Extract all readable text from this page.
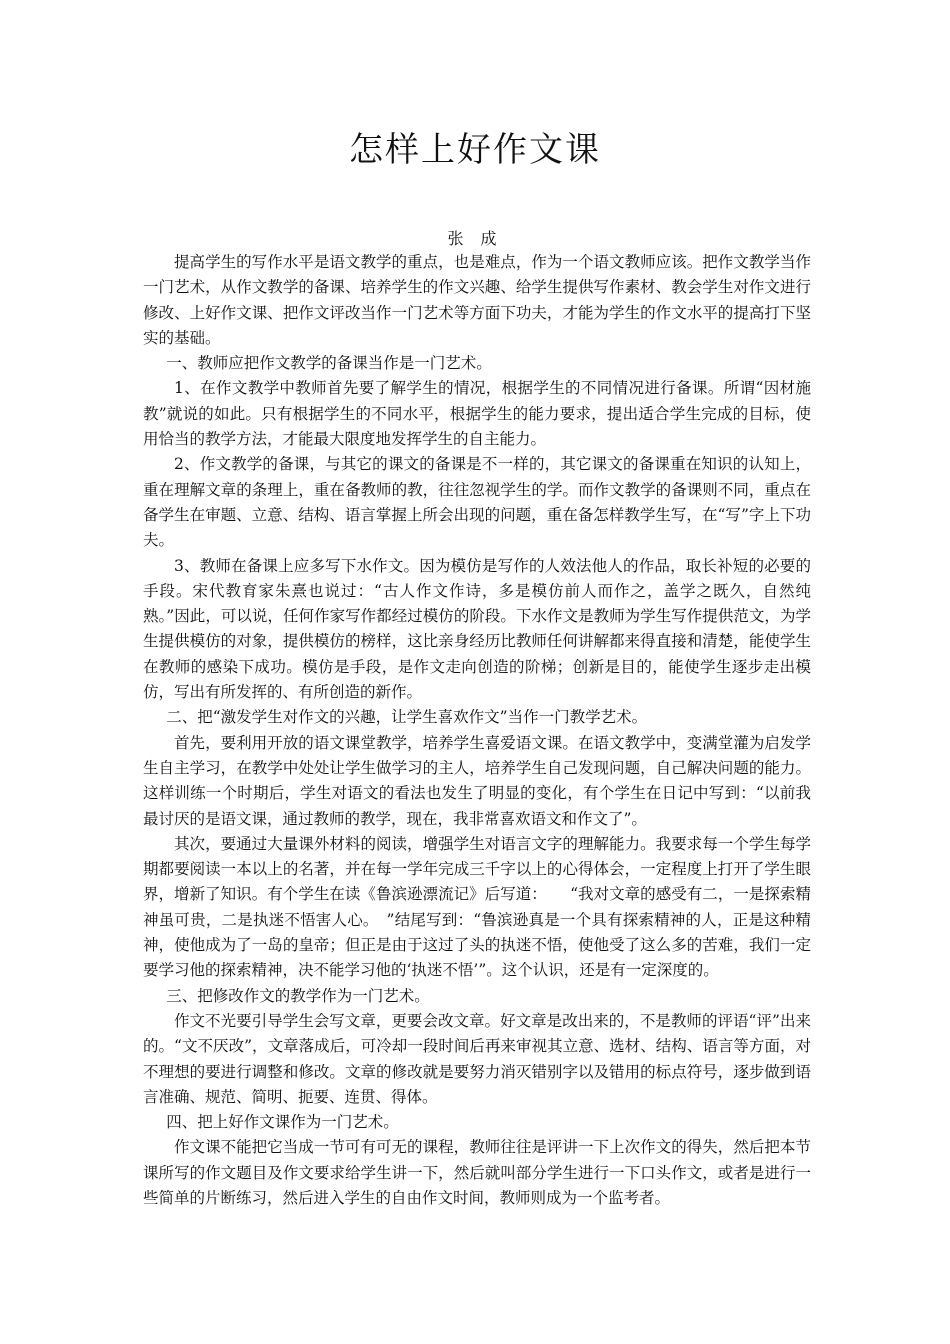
怎样上好作文课
张 成

提高学生的写作水平是语文教学的重点，也是难点，作为一个语文教师应该。把作文教学当作一门艺术，从作文教学的备课、培养学生的作文兴趣、给学生提供写作素材、教会学生对作文进行修改、上好作文课、把作文评改当作一门艺术等方面下功夫，才能为学生的作文水平的提高打下坚实的基础。

一、教师应把作文教学的备课当作是一门艺术。

1、在作文教学中教师首先要了解学生的情况，根据学生的不同情况进行备课。所谓“因材施教”就说的如此。只有根据学生的不同水平，根据学生的能力要求，提出适合学生完成的目标，使用恰当的教学方法，才能最大限度地发挥学生的自主能力。

2、作文教学的备课，与其它的课文的备课是不一样的，其它课文的备课重在知识的认知上，重在理解文章的条理上，重在备教师的教，往往忽视学生的学。而作文教学的备课则不同，重点在备学生在审题、立意、结构、语言掌握上所会出现的问题，重在备怎样教学生写，在“写”字上下功夫。

3、教师在备课上应多写下水作文。因为模仿是写作的人效法他人的作品，取长补短的必要的手段。宋代教育家朱熹也说过：“古人作文作诗，多是模仿前人而作之，盖学之既久，自然纯熟。”因此，可以说，任何作家写作都经过模仿的阶段。下水作文是教师为学生写作提供范文，为学生提供模仿的对象，提供模仿的榜样，这比亲身经历比教师任何讲解都来得直接和清楚，能使学生在教师的感染下成功。模仿是手段，是作文走向创造的阶梯；创新是目的，能使学生逐步走出模仿，写出有所发挥的、有所创造的新作。

二、把“激发学生对作文的兴趣，让学生喜欢作文”当作一门教学艺术。

首先，要利用开放的语文课堂教学，培养学生喜爱语文课。在语文教学中，变满堂灌为启发学生自主学习，在教学中处处让学生做学习的主人，培养学生自己发现问题，自己解决问题的能力。这样训练一个时期后，学生对语文的看法也发生了明显的变化，有个学生在日记中写到：“以前我最讨厌的是语文课，通过教师的教学，现在，我非常喜欢语文和作文了”。

其次，要通过大量课外材料的阅读，增强学生对语言文字的理解能力。我要求每一个学生每学期都要阅读一本以上的名著，并在每一学年完成三千字以上的心得体会，一定程度上打开了学生眼界，增新了知识。有个学生在读《鲁滨逊漂流记》后写道：　　“我对文章的感受有二，一是探索精神虽可贵，二是执迷不悟害人心。　”结尾写到：“鲁滨逊真是一个具有探索精神的人，正是这种精神，使他成为了一岛的皇帝；但正是由于这过了头的执迷不悟，使他受了这么多的苦难，我们一定要学习他的探索精神，决不能学习他的‘执迷不悟’”。这个认识，还是有一定深度的。

三、把修改作文的教学作为一门艺术。

作文不光要引导学生会写文章，更要会改文章。好文章是改出来的，不是教师的评语“评”出来的。“文不厌改”，文章落成后，可冷却一段时间后再来审视其立意、选材、结构、语言等方面，对不理想的要进行调整和修改。文章的修改就是要努力消灭错别字以及错用的标点符号，逐步做到语言准确、规范、简明、扼要、连贯、得体。

四、把上好作文课作为一门艺术。

作文课不能把它当成一节可有可无的课程，教师往往是评讲一下上次作文的得失，然后把本节课所写的作文题目及作文要求给学生讲一下，然后就叫部分学生进行一下口头作文，或者是进行一些简单的片断练习，然后进入学生的自由作文时间，教师则成为一个监考者。
